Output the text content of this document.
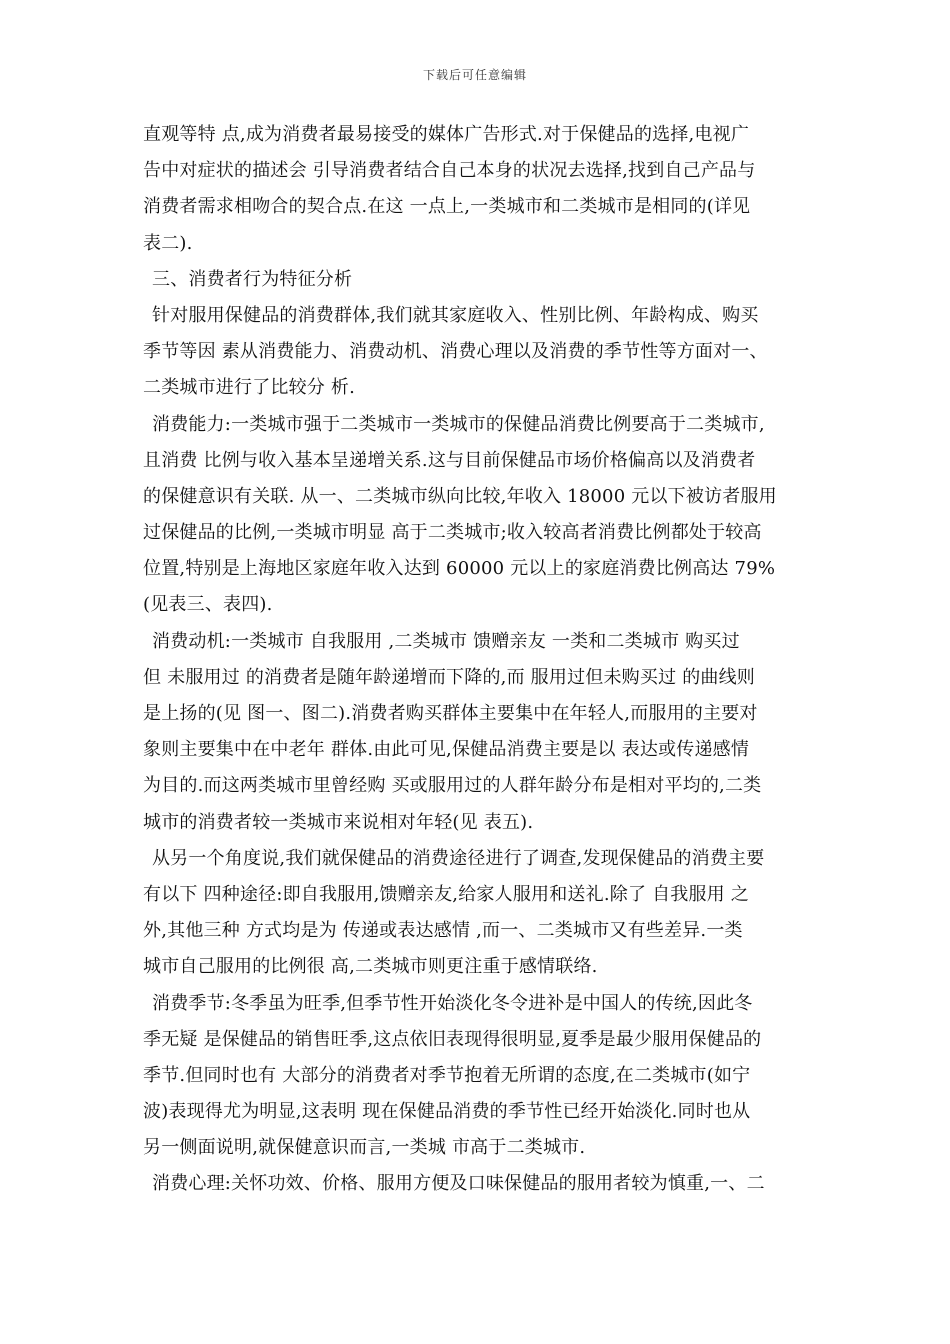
下载后可任意编辑
直观等特 点,成为消费者最易接受的媒体广告形式.对于保健品的选择,电视广
告中对症状的描述会 引导消费者结合自己本身的状况去选择,找到自己产品与
消费者需求相吻合的契合点.在这 一点上,一类城市和二类城市是相同的(详见
表二).
三、消费者行为特征分析
针对服用保健品的消费群体,我们就其家庭收入、性别比例、年龄构成、购买
季节等因 素从消费能力、消费动机、消费心理以及消费的季节性等方面对一、
二类城市进行了比较分 析.
消费能力:一类城市强于二类城市一类城市的保健品消费比例要高于二类城市,
且消费 比例与收入基本呈递增关系.这与目前保健品市场价格偏高以及消费者
的保健意识有关联. 从一、二类城市纵向比较,年收入 18000 元以下被访者服用
过保健品的比例,一类城市明显 高于二类城市;收入较高者消费比例都处于较高
位置,特别是上海地区家庭年收入达到 60000 元以上的家庭消费比例高达 79%
(见表三、表四).
消费动机:一类城市 自我服用 ,二类城市 馈赠亲友 一类和二类城市 购买过
但 未服用过 的消费者是随年龄递增而下降的,而 服用过但未购买过 的曲线则
是上扬的(见 图一、图二).消费者购买群体主要集中在年轻人,而服用的主要对
象则主要集中在中老年 群体.由此可见,保健品消费主要是以 表达或传递感情
为目的.而这两类城市里曾经购 买或服用过的人群年龄分布是相对平均的,二类
城市的消费者较一类城市来说相对年轻(见 表五).
从另一个角度说,我们就保健品的消费途径进行了调查,发现保健品的消费主要
有以下 四种途径:即自我服用,馈赠亲友,给家人服用和送礼.除了 自我服用 之
外,其他三种 方式均是为 传递或表达感情 ,而一、二类城市又有些差异.一类
城市自己服用的比例很 高,二类城市则更注重于感情联络.
消费季节:冬季虽为旺季,但季节性开始淡化冬令进补是中国人的传统,因此冬
季无疑 是保健品的销售旺季,这点依旧表现得很明显,夏季是最少服用保健品的
季节.但同时也有 大部分的消费者对季节抱着无所谓的态度,在二类城市(如宁
波)表现得尤为明显,这表明 现在保健品消费的季节性已经开始淡化.同时也从
另一侧面说明,就保健意识而言,一类城 市高于二类城市.
消费心理:关怀功效、价格、服用方便及口味保健品的服用者较为慎重,一、二
